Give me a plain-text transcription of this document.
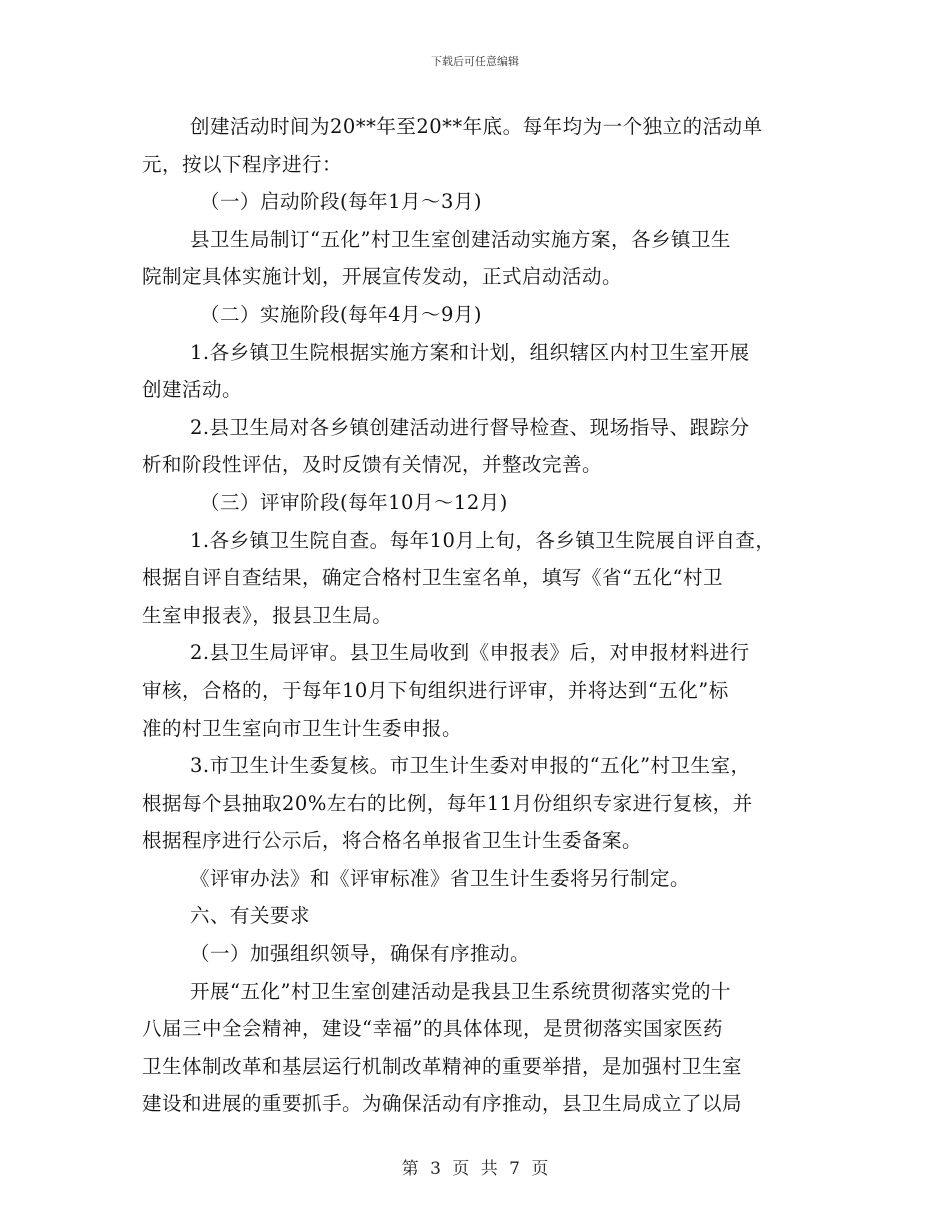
下载后可任意编辑
创建活动时间为20**年至20**年底。每年均为一个独立的活动单
元，按以下程序进行：
（一）启动阶段(每年1月～3月)
县卫生局制订“五化”村卫生室创建活动实施方案，各乡镇卫生
院制定具体实施计划，开展宣传发动，正式启动活动。
（二）实施阶段(每年4月～9月)
1.各乡镇卫生院根据实施方案和计划，组织辖区内村卫生室开展
创建活动。
2.县卫生局对各乡镇创建活动进行督导检查、现场指导、跟踪分
析和阶段性评估，及时反馈有关情况，并整改完善。
（三）评审阶段(每年10月～12月)
1.各乡镇卫生院自查。每年10月上旬，各乡镇卫生院展自评自查，
根据自评自查结果，确定合格村卫生室名单，填写《省“五化“村卫
生室申报表》，报县卫生局。
2.县卫生局评审。县卫生局收到《申报表》后，对申报材料进行
审核，合格的，于每年10月下旬组织进行评审，并将达到“五化”标
准的村卫生室向市卫生计生委申报。
3.市卫生计生委复核。市卫生计生委对申报的“五化”村卫生室，
根据每个县抽取20%左右的比例，每年11月份组织专家进行复核，并
根据程序进行公示后，将合格名单报省卫生计生委备案。
《评审办法》和《评审标准》省卫生计生委将另行制定。
六、有关要求
（一）加强组织领导，确保有序推动。
开展“五化”村卫生室创建活动是我县卫生系统贯彻落实党的十
八届三中全会精神，建设“幸福”的具体体现，是贯彻落实国家医药
卫生体制改革和基层运行机制改革精神的重要举措，是加强村卫生室
建设和进展的重要抓手。为确保活动有序推动，县卫生局成立了以局
第 3 页 共 7 页
